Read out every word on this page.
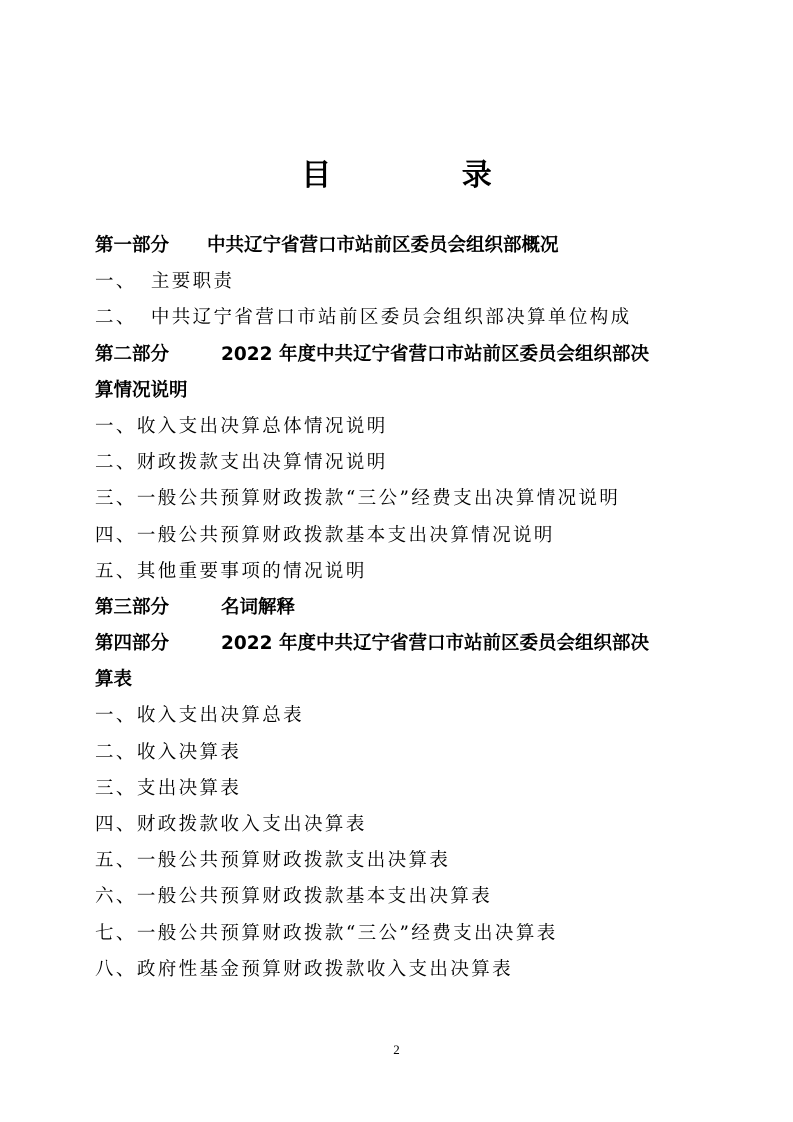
目 录
第一部分 中共辽宁省营口市站前区委员会组织部概况
一、 主要职责
二、 中共辽宁省营口市站前区委员会组织部决算单位构成
第二部分	2022 年度中共辽宁省营口市站前区委员会组织部决
算情况说明
一、收入支出决算总体情况说明
二、财政拨款支出决算情况说明
三、一般公共预算财政拨款“三公”经费支出决算情况说明
四、一般公共预算财政拨款基本支出决算情况说明
五、其他重要事项的情况说明
第三部分	名词解释
第四部分	2022 年度中共辽宁省营口市站前区委员会组织部决
算表
一、收入支出决算总表
二、收入决算表
三、支出决算表
四、财政拨款收入支出决算表
五、一般公共预算财政拨款支出决算表
六、一般公共预算财政拨款基本支出决算表
七、一般公共预算财政拨款“三公”经费支出决算表
八、政府性基金预算财政拨款收入支出决算表
2
